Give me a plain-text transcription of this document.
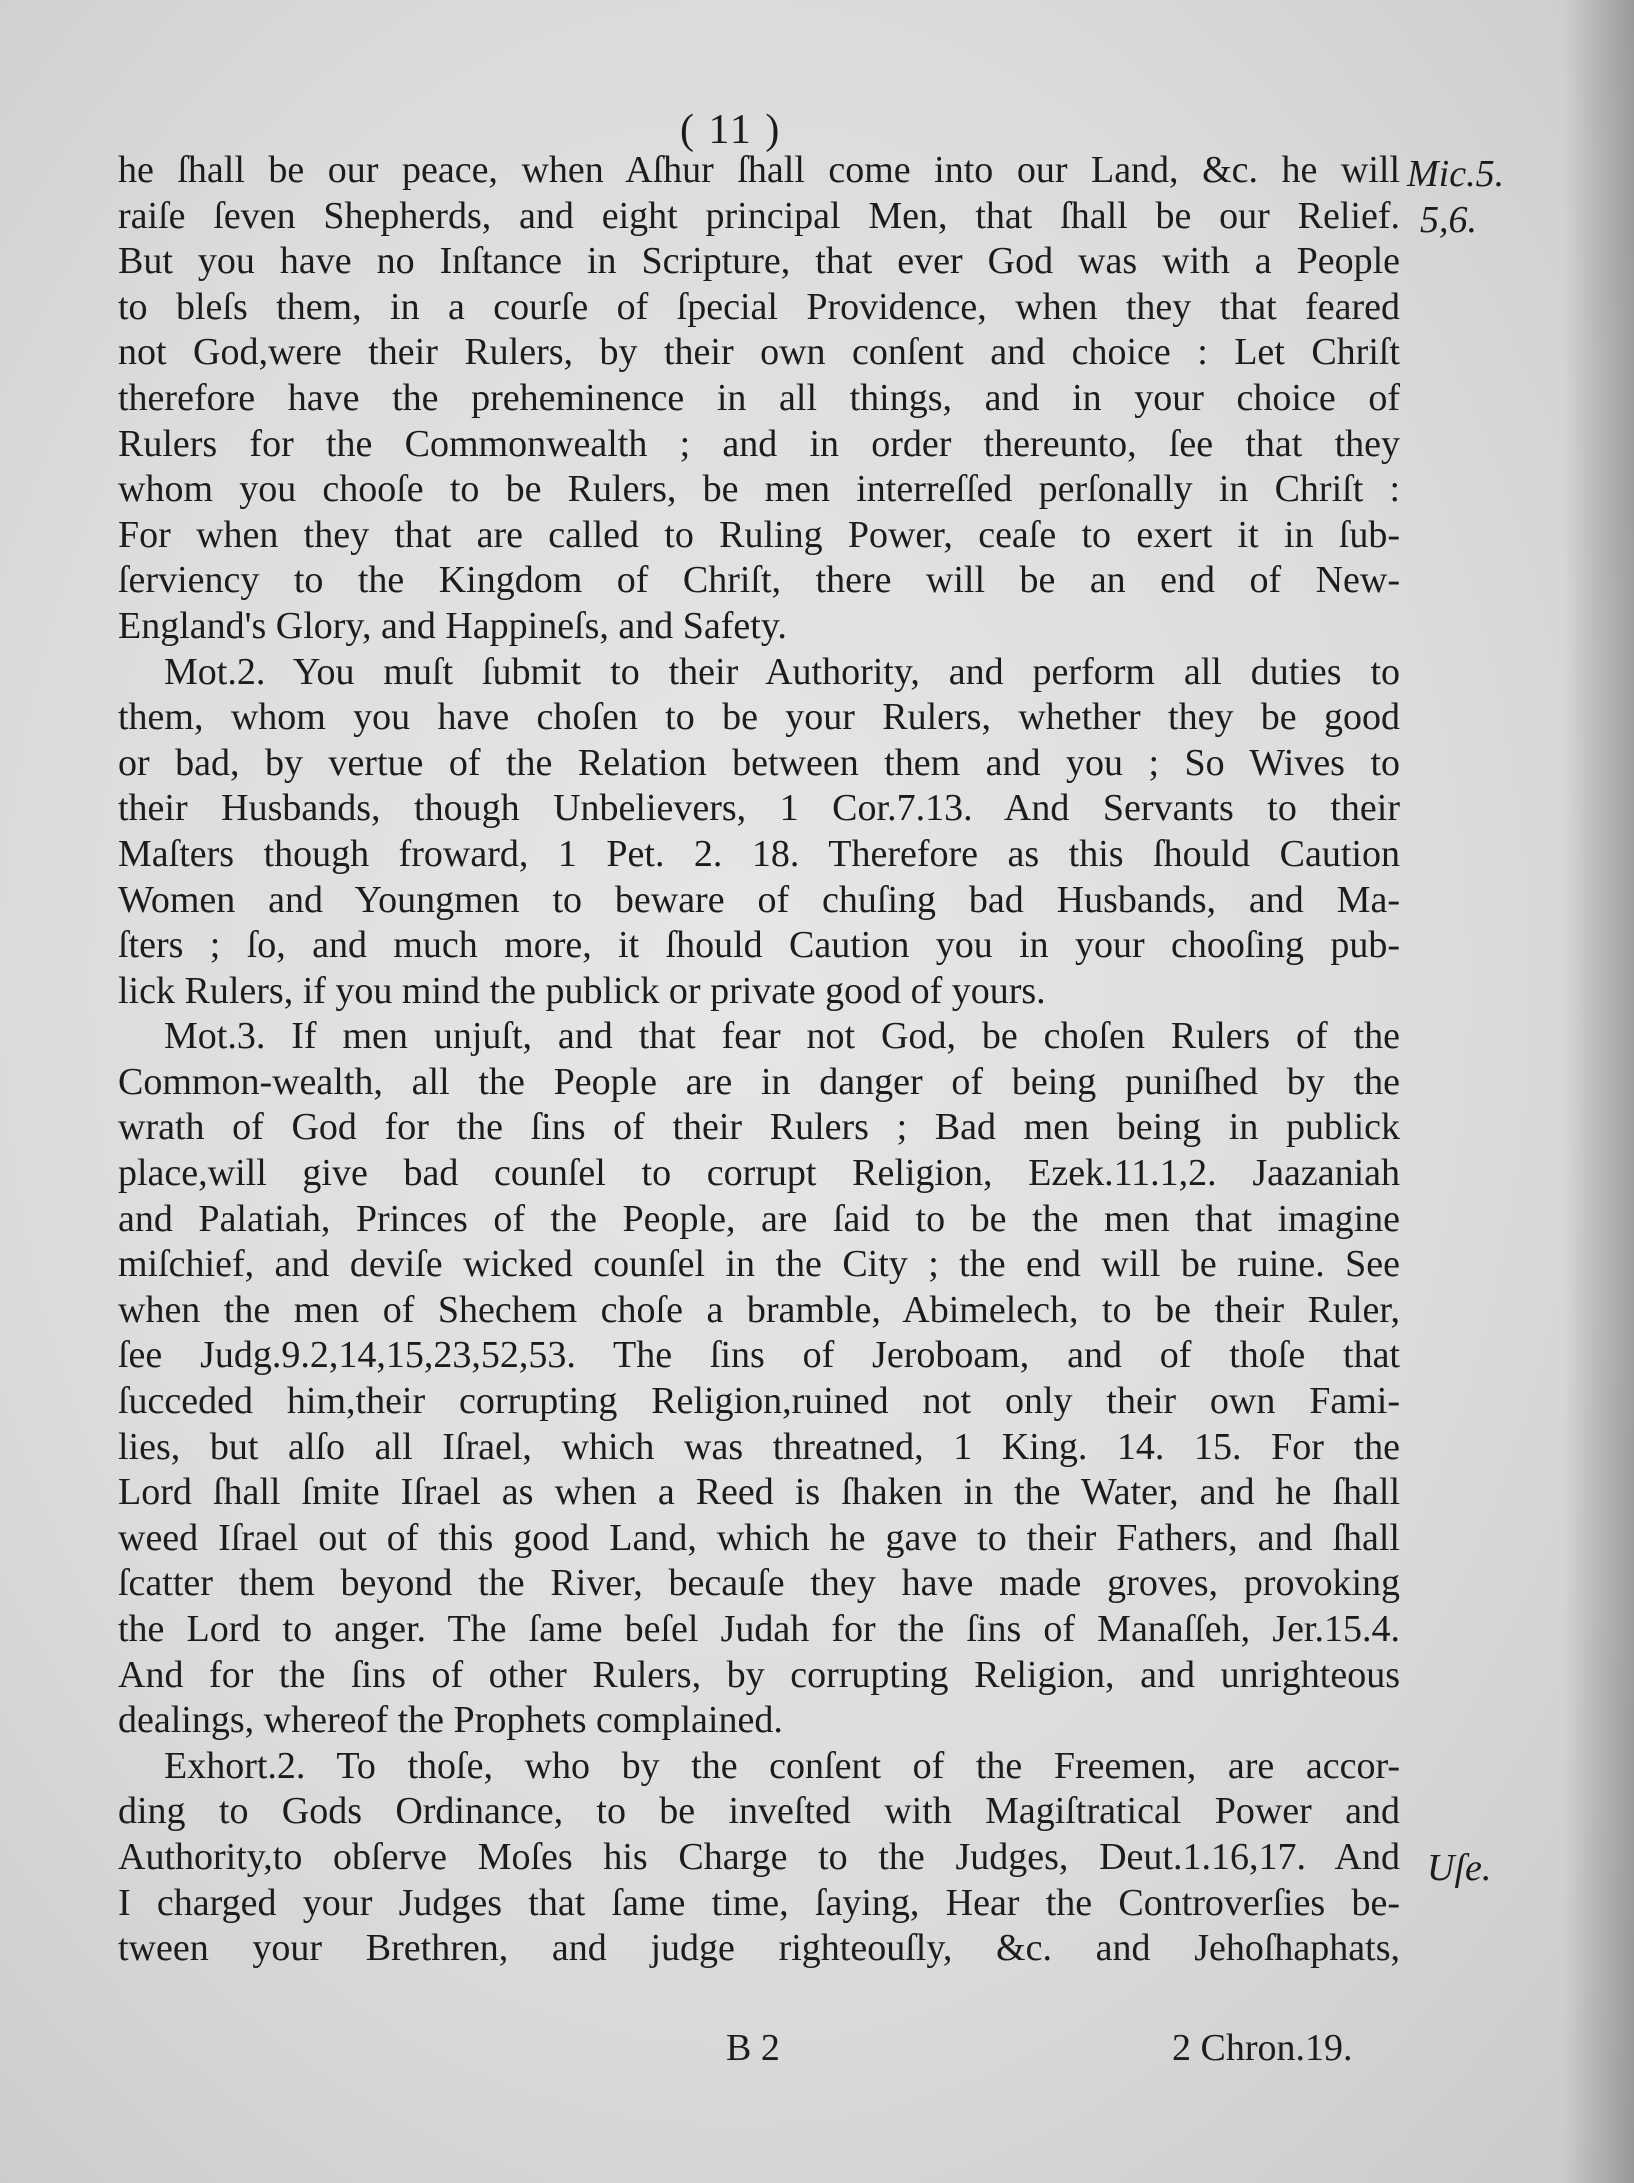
( 11 )
he ſhall be our peace, when Aſhur ſhall come into our Land, &c. he will
raiſe ſeven Shepherds, and eight principal Men, that ſhall be our Relief.
But you have no Inſtance in Scripture, that ever God was with a People
to bleſs them, in a courſe of ſpecial Providence, when they that feared
not God,were their Rulers, by their own conſent and choice : Let Chriſt
therefore have the preheminence in all things, and in your choice of
Rulers for the Commonwealth ; and in order thereunto, ſee that they
whom you chooſe to be Rulers, be men interreſſed perſonally in Chriſt :
For when they that are called to Ruling Power, ceaſe to exert it in ſub-
ſerviency to the Kingdom of Chriſt, there will be an end of New-
England's Glory, and Happineſs, and Safety.
Mot.2. You muſt ſubmit to their Authority, and perform all duties to
them, whom you have choſen to be your Rulers, whether they be good
or bad, by vertue of the Relation between them and you ; So Wives to
their Husbands, though Unbelievers, 1 Cor.7.13. And Servants to their
Maſters though froward, 1 Pet. 2. 18. Therefore as this ſhould Caution
Women and Youngmen to beware of chuſing bad Husbands, and Ma-
ſters ; ſo, and much more, it ſhould Caution you in your chooſing pub-
lick Rulers, if you mind the publick or private good of yours.
Mot.3. If men unjuſt, and that fear not God, be choſen Rulers of the
Common-wealth, all the People are in danger of being puniſhed by the
wrath of God for the ſins of their Rulers ; Bad men being in publick
place,will give bad counſel to corrupt Religion, Ezek.11.1,2. Jaazaniah
and Palatiah, Princes of the People, are ſaid to be the men that imagine
miſchief, and deviſe wicked counſel in the City ; the end will be ruine. See
when the men of Shechem choſe a bramble, Abimelech, to be their Ruler,
ſee Judg.9.2,14,15,23,52,53. The ſins of Jeroboam, and of thoſe that
ſucceded him,their corrupting Religion,ruined not only their own Fami-
lies, but alſo all Iſrael, which was threatned, 1 King. 14. 15. For the
Lord ſhall ſmite Iſrael as when a Reed is ſhaken in the Water, and he ſhall
weed Iſrael out of this good Land, which he gave to their Fathers, and ſhall
ſcatter them beyond the River, becauſe they have made groves, provoking
the Lord to anger. The ſame beſel Judah for the ſins of Manaſſeh, Jer.15.4.
And for the ſins of other Rulers, by corrupting Religion, and unrighteous
dealings, whereof the Prophets complained.
Exhort.2. To thoſe, who by the conſent of the Freemen, are accor-
ding to Gods Ordinance, to be inveſted with Magiſtratical Power and
Authority,to obſerve Moſes his Charge to the Judges, Deut.1.16,17. And
I charged your Judges that ſame time, ſaying, Hear the Controverſies be-
tween your Brethren, and judge righteouſly, &c. and Jehoſhaphats,
Mic.5.
5,6.
Uſe.
B 2	2 Chron.19.
